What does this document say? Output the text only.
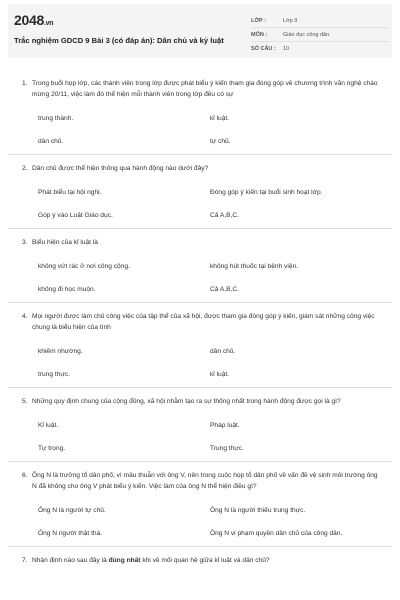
2048.vn
Trắc nghiệm GDCD 9 Bài 3 (có đáp án): Dân chủ và kỷ luật
LỚP :	Lớp 9
MÔN :	Giáo dục công dân
SỐ CÂU :	10
1. Trong buổi họp lớp, các thành viên trong lớp được phát biểu ý kiến tham gia đóng góp về chương trình văn nghệ chào mừng 20/11, việc làm đó thể hiện mỗi thành viên trong lớp đều có sự
trung thành.	kỉ luật.
dân chủ.	tự chủ.
2. Dân chủ được thể hiện thông qua hành động nào dưới đây?
Phát biểu tại hội nghị.	Đóng góp ý kiến tại buổi sinh hoạt lớp.
Góp ý vào Luật Giáo dục.	Cả A,B,C.
3. Biểu hiện của kỉ luật là
không vứt rác ở nơi công cộng.	không hút thuốc tại bệnh viện.
không đi học muộn.	Cả A,B,C.
4. Mọi người được làm chủ công việc của tập thể của xã hội, được tham gia đóng góp ý kiến, giám sát những công việc chung là biểu hiện của tính
khiêm nhường.	dân chủ.
trung thực.	kỉ luật.
5. Những quy định chung của cộng đồng, xã hội nhằm tạo ra sự thống nhất trong hành động được gọi là gì?
Kỉ luật.	Pháp luật.
Tự trọng.	Trung thực.
6. Ông N là trưởng tổ dân phố, vì mâu thuẫn với ông V, nên trong cuộc họp tổ dân phố về vấn đề vệ sinh môi trường ông N đã không cho ông V phát biểu ý kiến. Việc làm của ông N thể hiện điều gì?
Ông N là người tự chủ.	Ông N là người thiếu trung thực.
Ông N người thật thà.	Ông N vi phạm quyền dân chủ của công dân.
7. Nhận định nào sau đây là đúng nhất khi về mối quan hệ giữa kỉ luật và dân chủ?
